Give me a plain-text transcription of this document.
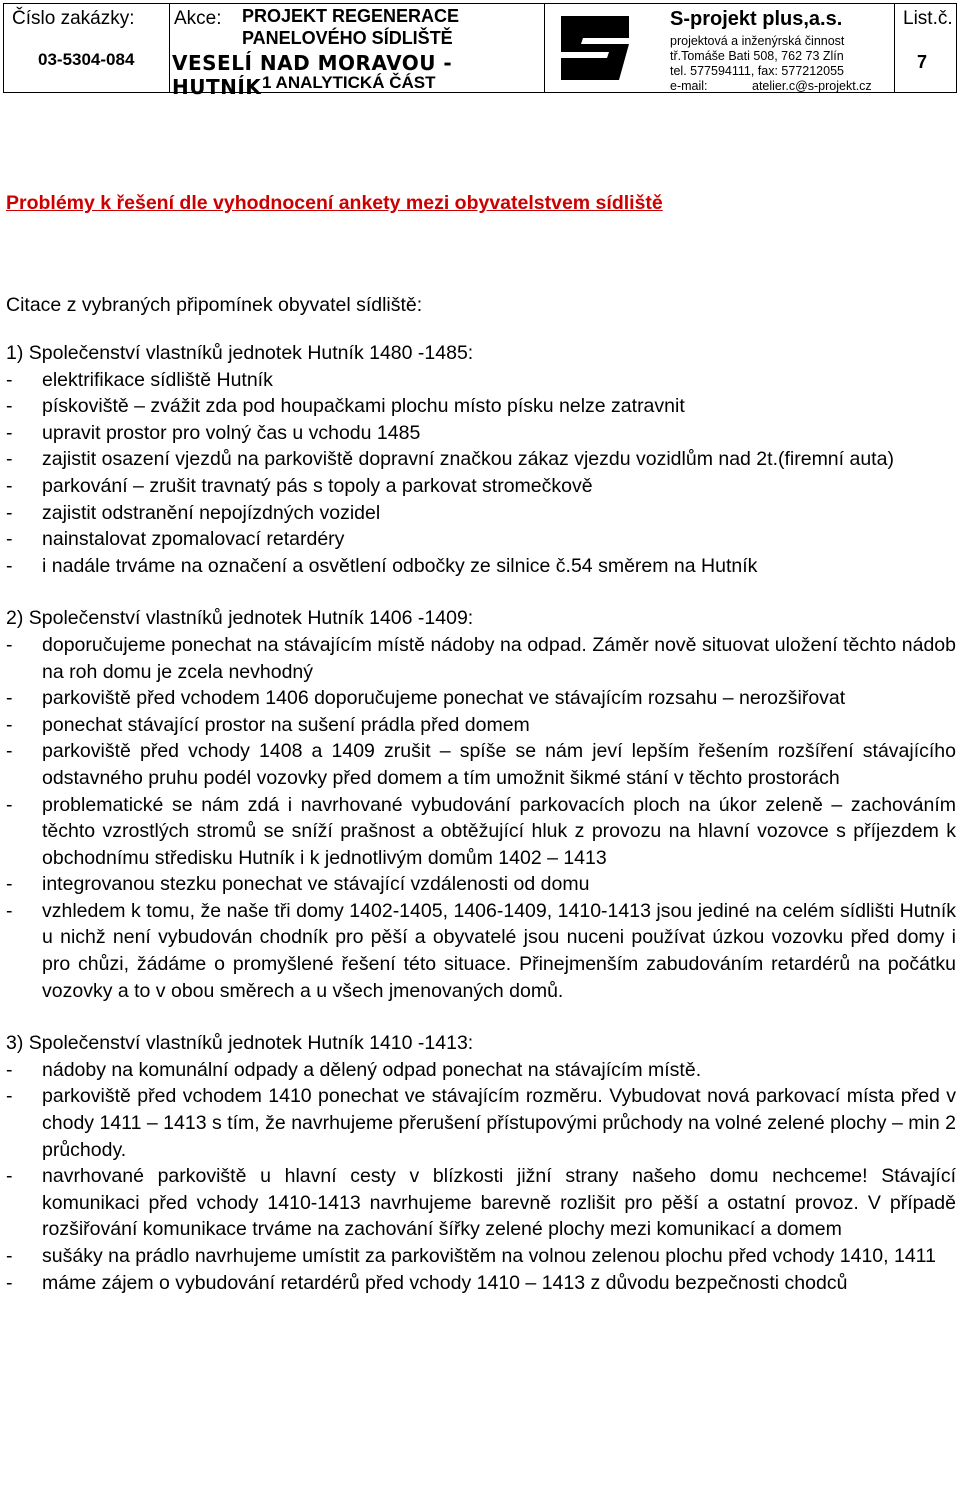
Číslo zakázky:
03-5304-084
Akce: PROJEKT REGENERACE
PANELOVÉHO SÍDLIŠTĚ
VESELÍ NAD MORAVOU - HUTNÍK 1 ANALYTICKÁ ČÁST
S-projekt plus,a.s.
projektová a inženýrská činnost
tř.Tomáše Bati 508, 762 73 Zlín
tel. 577594111, fax: 577212055
e-mail:	atelier.c@s-projekt.cz
List.č.
7
Problémy k řešení dle vyhodnocení ankety mezi obyvatelstvem sídliště
Citace z vybraných připomínek obyvatel sídliště:
1) Společenství vlastníků jednotek Hutník 1480 -1485:
-	elektrifikace sídliště Hutník
-	pískoviště – zvážit zda pod houpačkami plochu místo písku nelze zatravnit
-	upravit prostor pro volný čas u vchodu 1485
-	zajistit osazení vjezdů na parkoviště dopravní značkou zákaz vjezdu vozidlům nad 2t.(firemní auta)
-	parkování – zrušit travnatý pás s topoly a parkovat stromečkově
-	zajistit odstranění nepojízdných vozidel
-	nainstalovat zpomalovací retardéry
-	i nadále trváme na označení a osvětlení odbočky ze silnice č.54 směrem na Hutník
2) Společenství vlastníků jednotek Hutník 1406 -1409:
-	doporučujeme ponechat na stávajícím místě nádoby na odpad. Záměr nově situovat uložení těchto nádob na roh domu je zcela nevhodný
-	parkoviště před vchodem 1406 doporučujeme ponechat ve stávajícím rozsahu – nerozšiřovat
-	ponechat stávající prostor na sušení prádla před domem
-	parkoviště před vchody 1408 a 1409 zrušit – spíše se nám jeví lepším řešením rozšíření stávajícího odstavného pruhu podél vozovky před domem a tím umožnit šikmé stání v těchto prostorách
-	problematické se nám zdá i navrhované vybudování parkovacích ploch na úkor zeleně – zachováním těchto vzrostlých stromů se sníží prašnost a obtěžující hluk z provozu na hlavní vozovce s příjezdem k obchodnímu středisku Hutník i k jednotlivým domům 1402 – 1413
-	integrovanou stezku ponechat ve stávající vzdálenosti od domu
-	vzhledem k tomu, že naše tři domy 1402-1405, 1406-1409, 1410-1413 jsou jediné na celém sídlišti Hutník u nichž není vybudován chodník pro pěší a obyvatelé jsou nuceni používat úzkou vozovku před domy i pro chůzi, žádáme o promyšlené řešení této situace. Přinejmenším zabudováním retardérů na počátku vozovky a to v obou směrech a u všech jmenovaných domů.
3) Společenství vlastníků jednotek Hutník 1410 -1413:
-	nádoby na komunální odpady a dělený odpad ponechat na stávajícím místě.
-	parkoviště před vchodem 1410 ponechat ve stávajícím rozměru. Vybudovat nová parkovací místa před v chody 1411 – 1413 s tím, že navrhujeme přerušení přístupovými průchody na volné zelené plochy – min 2 průchody.
-	navrhované parkoviště u hlavní cesty v blízkosti jižní strany našeho domu nechceme! Stávající komunikaci před vchody 1410-1413 navrhujeme barevně rozlišit pro pěší a ostatní provoz. V případě rozšiřování komunikace trváme na zachování šířky zelené plochy mezi komunikací a domem
-	sušáky na prádlo navrhujeme umístit za parkovištěm na volnou zelenou plochu před vchody 1410, 1411
-	máme zájem o vybudování retardérů před vchody 1410 – 1413 z důvodu bezpečnosti chodců
